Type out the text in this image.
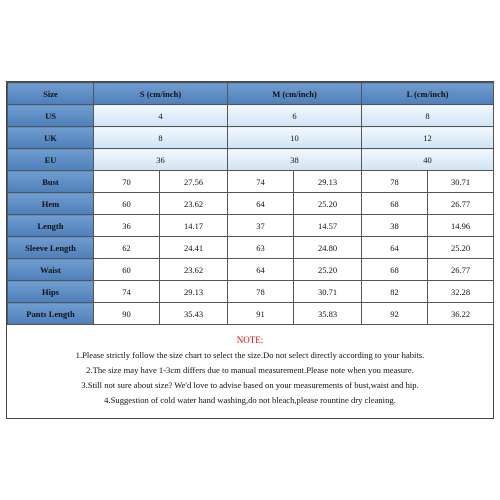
Size	S (cm/inch)		M (cm/inch)		L (cm/inch)	
US	4		6		8	
UK	8		10		12	
EU	36		38		40	
Bust	70	27.56	74	29.13	78	30.71
Hem	60	23.62	64	25.20	68	26.77
Length	36	14.17	37	14.57	38	14.96
Sleeve Length	62	24.41	63	24.80	64	25.20
Waist	60	23.62	64	25.20	68	26.77
Hips	74	29.13	78	30.71	82	32.28
Pants Length	90	35.43	91	35.83	92	36.22
NOTE:
1.Please strictly follow the size chart to select the size.Do not select directly according to your habits.
2.The size may have 1-3cm differs due to manual measurement.Please note when you measure.
3.Still not sure about size? We'd love to advise based on your measurements of bust,waist and hip.
4.Suggestion of cold water hand washing,do not bleach,please rountine dry cleaning.
